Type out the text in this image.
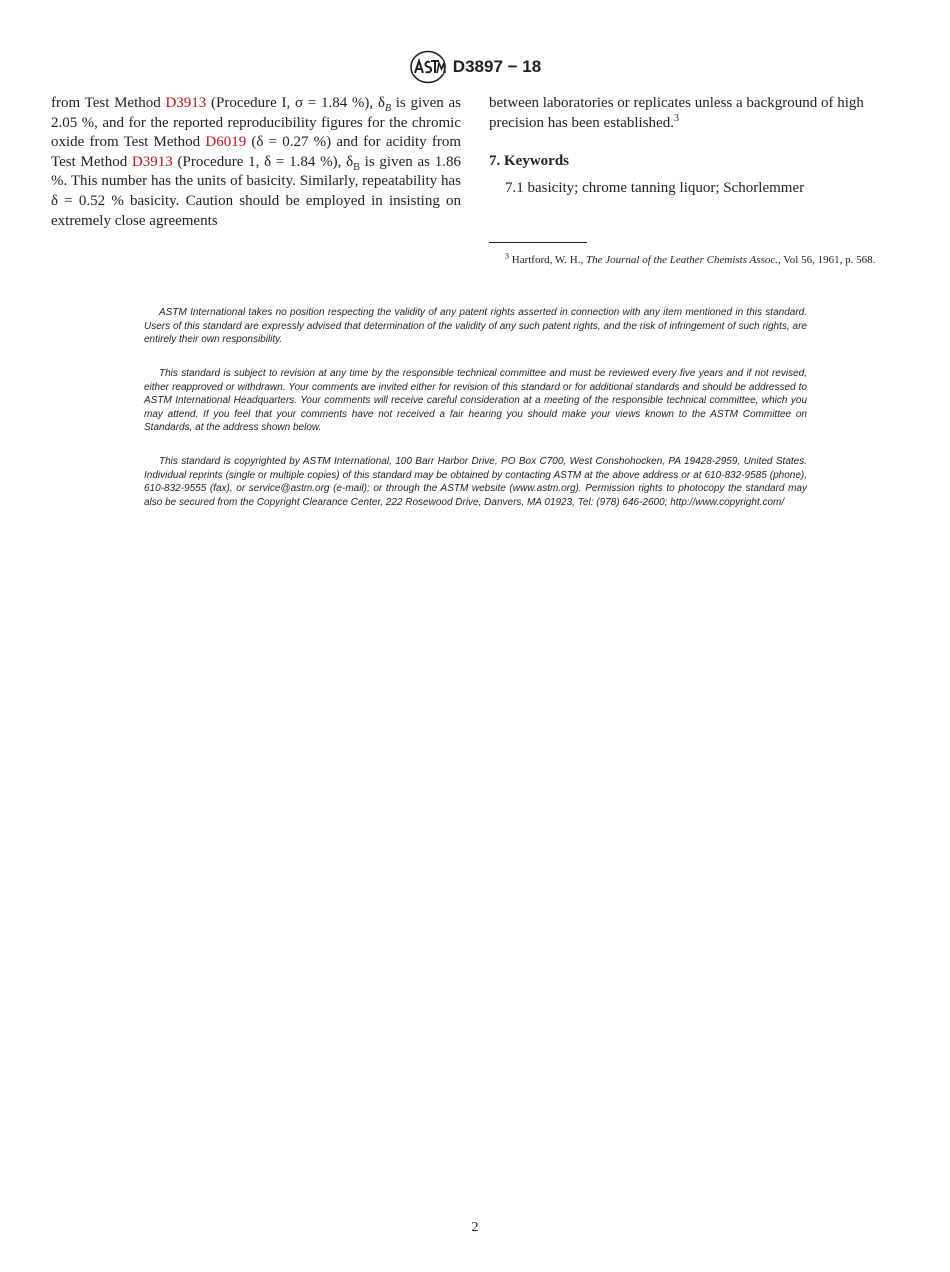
D3897 − 18

from Test Method D3913 (Procedure I, σ = 1.84 %), $\delta_B$ is given as 2.05 %, and for the reported reproducibility figures for the chromic oxide from Test Method D6019 (δ = 0.27 %) and for acidity from Test Method D3913 (Procedure 1, δ = 1.84 %), $\delta_B$ is given as 1.86 %. This number has the units of basicity. Similarly, repeatability has δ = 0.52 % basicity. Caution should be employed in insisting on extremely close agreements

between laboratories or replicates unless a background of high precision has been established.$^3$

7. Keywords

7.1 basicity; chrome tanning liquor; Schorlemmer

$^3$ Hartford, W. H., The Journal of the Leather Chemists Assoc., Vol 56, 1961, p. 568.

ASTM International takes no position respecting the validity of any patent rights asserted in connection with any item mentioned in this standard. Users of this standard are expressly advised that determination of the validity of any such patent rights, and the risk of infringement of such rights, are entirely their own responsibility.

This standard is subject to revision at any time by the responsible technical committee and must be reviewed every five years and if not revised, either reapproved or withdrawn. Your comments are invited either for revision of this standard or for additional standards and should be addressed to ASTM International Headquarters. Your comments will receive careful consideration at a meeting of the responsible technical committee, which you may attend. If you feel that your comments have not received a fair hearing you should make your views known to the ASTM Committee on Standards, at the address shown below.

This standard is copyrighted by ASTM International, 100 Barr Harbor Drive, PO Box C700, West Conshohocken, PA 19428-2959, United States. Individual reprints (single or multiple copies) of this standard may be obtained by contacting ASTM at the above address or at 610-832-9585 (phone), 610-832-9555 (fax), or service@astm.org (e-mail); or through the ASTM website (www.astm.org). Permission rights to photocopy the standard may also be secured from the Copyright Clearance Center, 222 Rosewood Drive, Danvers, MA 01923, Tel: (978) 646-2600; http://www.copyright.com/

2
